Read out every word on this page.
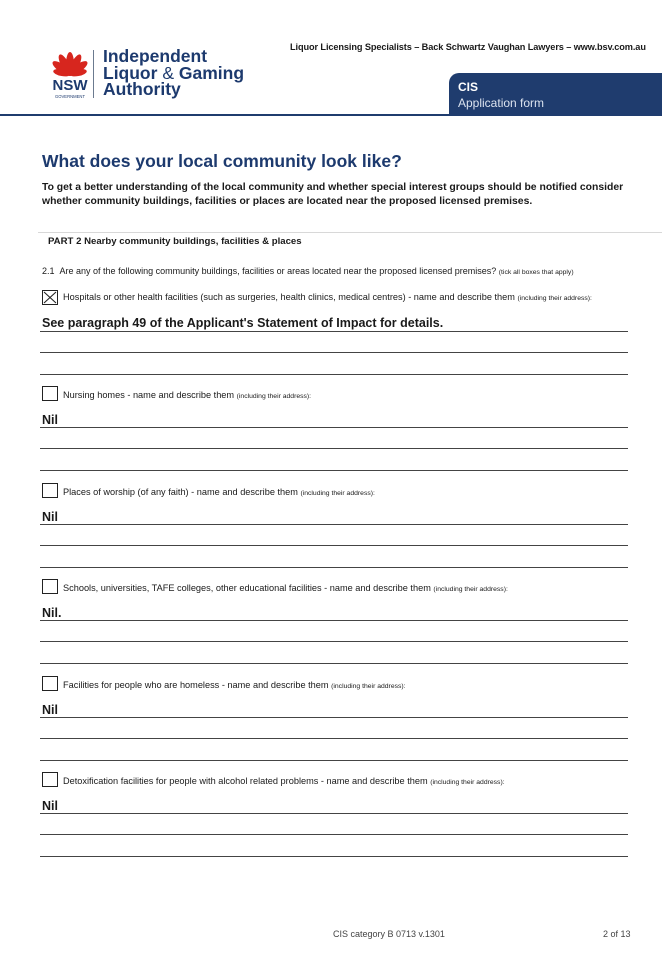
Liquor Licensing Specialists – Back Schwartz Vaughan Lawyers – www.bsv.com.au
NSW
GOVERNMENT
Independent
Liquor & Gaming
Authority	CIS
Application form
What does your local community look like?
To get a better understanding of the local community and whether special interest groups should be notified consider whether community buildings, facilities or places are located near the proposed licensed premises.
PART 2 Nearby community buildings, facilities & places
2.1 Are any of the following community buildings, facilities or areas located near the proposed licensed premises? (tick all boxes that apply)
Hospitals or other health facilities (such as surgeries, health clinics, medical centres) - name and describe them (including their address):
See paragraph 49 of the Applicant's Statement of Impact for details.
Nursing homes - name and describe them (including their address):
Nil
Places of worship (of any faith) - name and describe them (including their address):
Nil
Schools, universities, TAFE colleges, other educational facilities - name and describe them (including their address):
Nil.
Facilities for people who are homeless - name and describe them (including their address):
Nil
Detoxification facilities for people with alcohol related problems - name and describe them (including their address):
Nil
CIS category B 0713 v.1301	2 of 13
